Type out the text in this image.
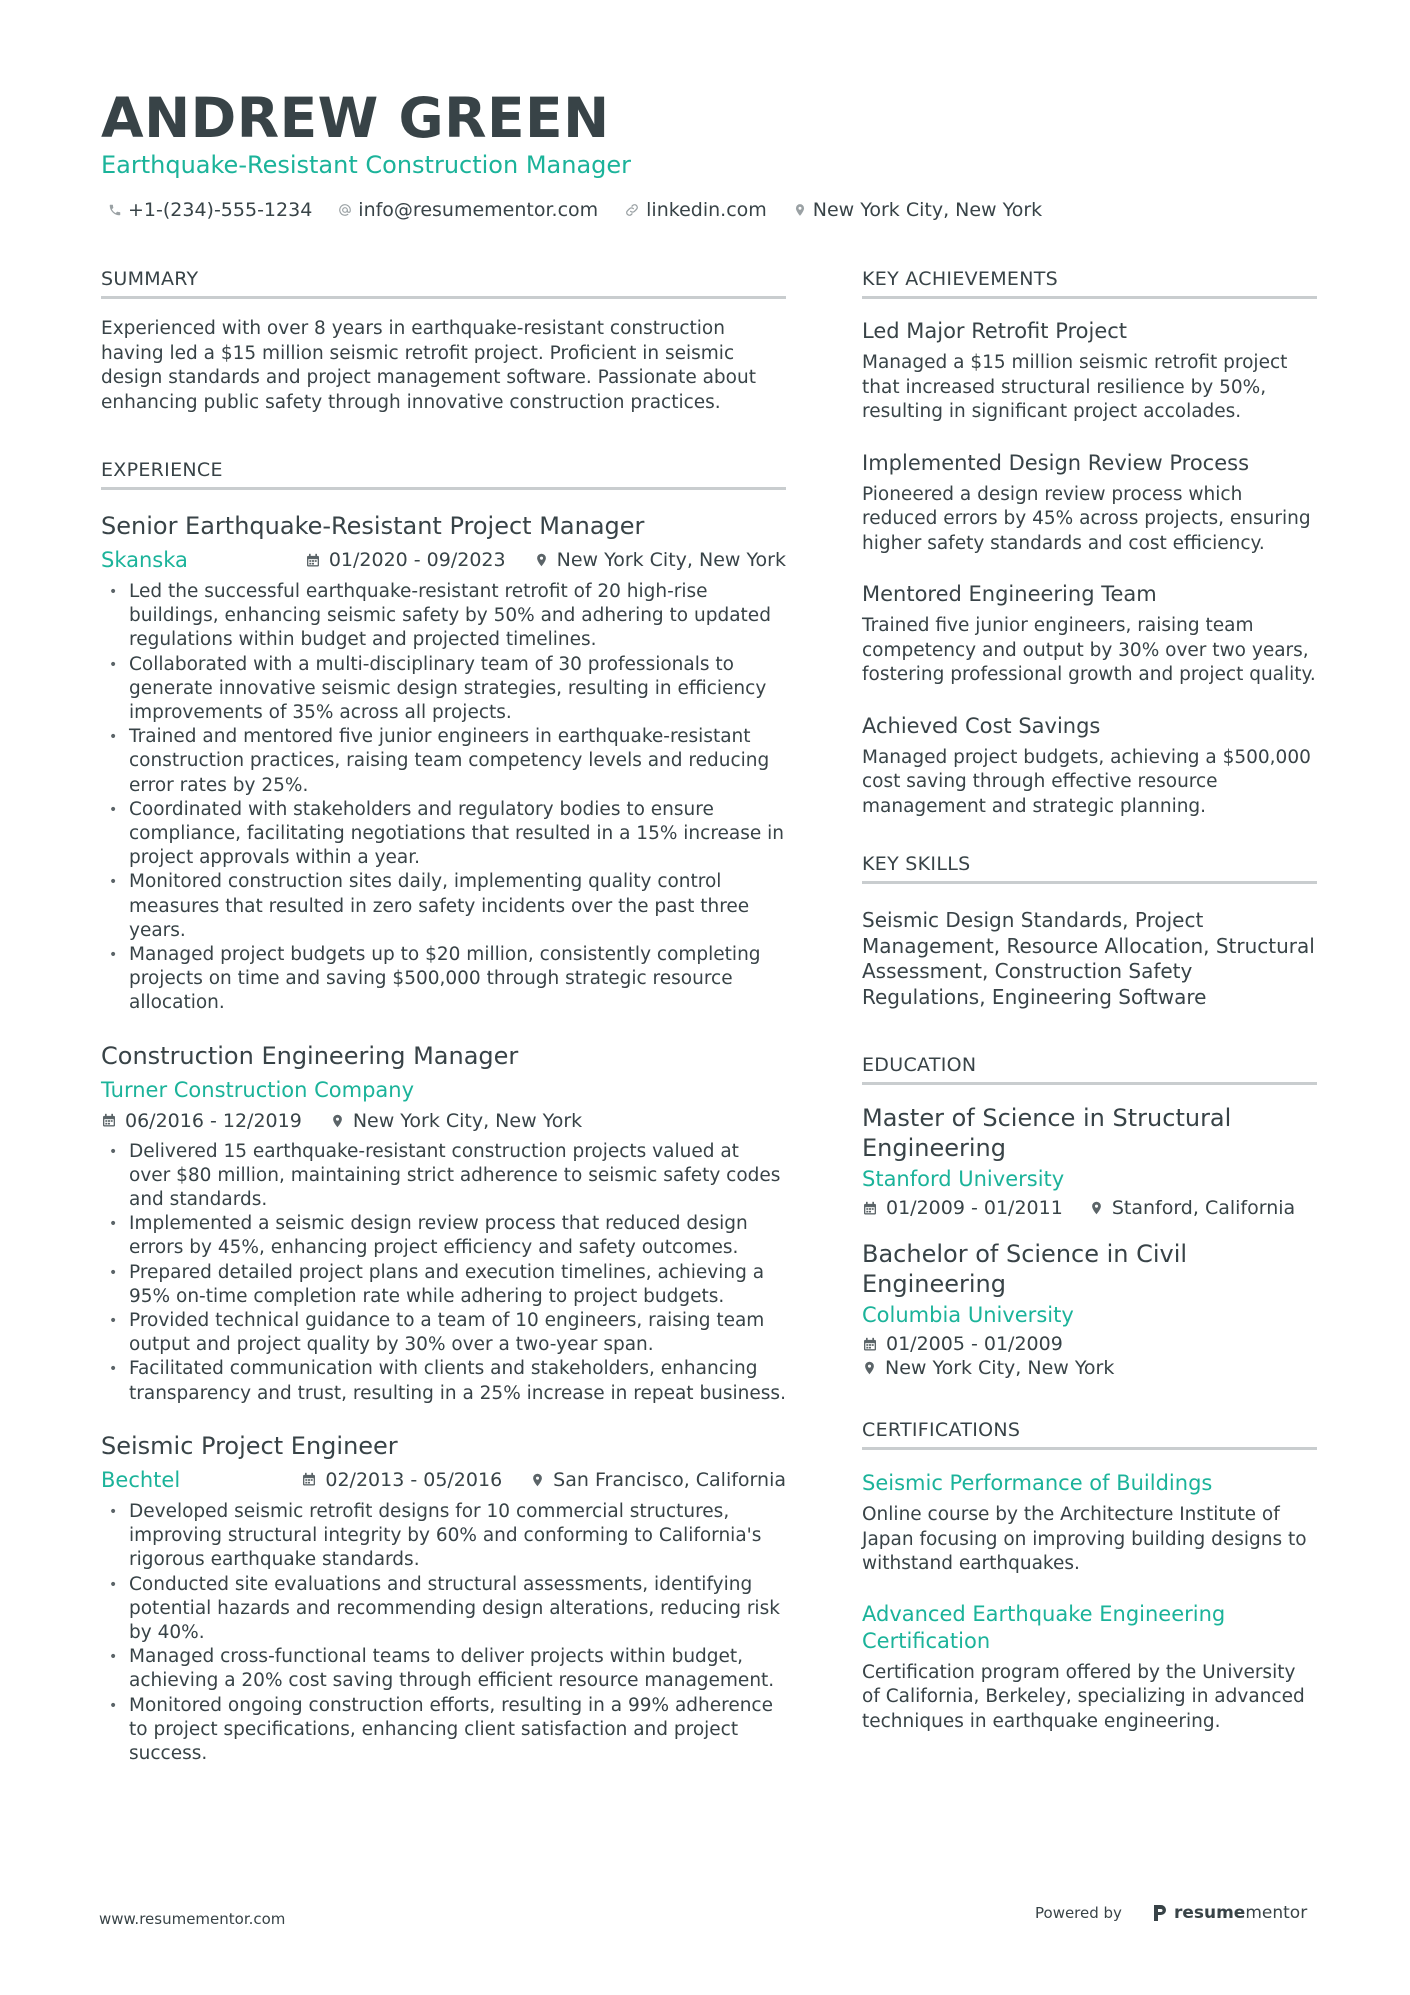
ANDREW GREEN
Earthquake-Resistant Construction Manager
+1-(234)-555-1234 info@resumementor.com	linkedin.com New York City, New York
SUMMARY
Experienced with over 8 years in earthquake-resistant construction having led a $15 million seismic retrofit project. Proficient in seismic design standards and project management software. Passionate about enhancing public safety through innovative construction practices.
EXPERIENCE
Senior Earthquake-Resistant Project Manager
Skanska	01/2020 - 09/2023	New York City, New York
• Led the successful earthquake-resistant retrofit of 20 high-rise buildings, enhancing seismic safety by 50% and adhering to updated regulations within budget and projected timelines.
• Collaborated with a multi-disciplinary team of 30 professionals to generate innovative seismic design strategies, resulting in efficiency improvements of 35% across all projects.
• Trained and mentored five junior engineers in earthquake-resistant construction practices, raising team competency levels and reducing error rates by 25%.
• Coordinated with stakeholders and regulatory bodies to ensure compliance, facilitating negotiations that resulted in a 15% increase in project approvals within a year.
• Monitored construction sites daily, implementing quality control measures that resulted in zero safety incidents over the past three years.
• Managed project budgets up to $20 million, consistently completing projects on time and saving $500,000 through strategic resource allocation.
Construction Engineering Manager
Turner Construction Company
06/2016 - 12/2019	New York City, New York
• Delivered 15 earthquake-resistant construction projects valued at over $80 million, maintaining strict adherence to seismic safety codes and standards.
• Implemented a seismic design review process that reduced design errors by 45%, enhancing project efficiency and safety outcomes.
• Prepared detailed project plans and execution timelines, achieving a 95% on-time completion rate while adhering to project budgets.
• Provided technical guidance to a team of 10 engineers, raising team output and project quality by 30% over a two-year span.
• Facilitated communication with clients and stakeholders, enhancing transparency and trust, resulting in a 25% increase in repeat business.
Seismic Project Engineer
Bechtel	02/2013 - 05/2016	San Francisco, California
• Developed seismic retrofit designs for 10 commercial structures, improving structural integrity by 60% and conforming to California's rigorous earthquake standards.
• Conducted site evaluations and structural assessments, identifying potential hazards and recommending design alterations, reducing risk by 40%.
• Managed cross-functional teams to deliver projects within budget, achieving a 20% cost saving through efficient resource management.
• Monitored ongoing construction efforts, resulting in a 99% adherence to project specifications, enhancing client satisfaction and project success.
KEY ACHIEVEMENTS
Led Major Retrofit Project
Managed a $15 million seismic retrofit project that increased structural resilience by 50%, resulting in significant project accolades.
Implemented Design Review Process
Pioneered a design review process which reduced errors by 45% across projects, ensuring higher safety standards and cost efficiency.
Mentored Engineering Team
Trained five junior engineers, raising team competency and output by 30% over two years, fostering professional growth and project quality.
Achieved Cost Savings
Managed project budgets, achieving a $500,000 cost saving through effective resource management and strategic planning.
KEY SKILLS
Seismic Design Standards, Project Management, Resource Allocation, Structural Assessment, Construction Safety Regulations, Engineering Software
EDUCATION
Master of Science in Structural Engineering
Stanford University
01/2009 - 01/2011	Stanford, California
Bachelor of Science in Civil Engineering
Columbia University
01/2005 - 01/2009
New York City, New York
CERTIFICATIONS
Seismic Performance of Buildings
Online course by the Architecture Institute of Japan focusing on improving building designs to withstand earthquakes.
Advanced Earthquake Engineering Certification
Certification program offered by the University of California, Berkeley, specializing in advanced techniques in earthquake engineering.
www.resumementor.com	Powered by	resume mentor
